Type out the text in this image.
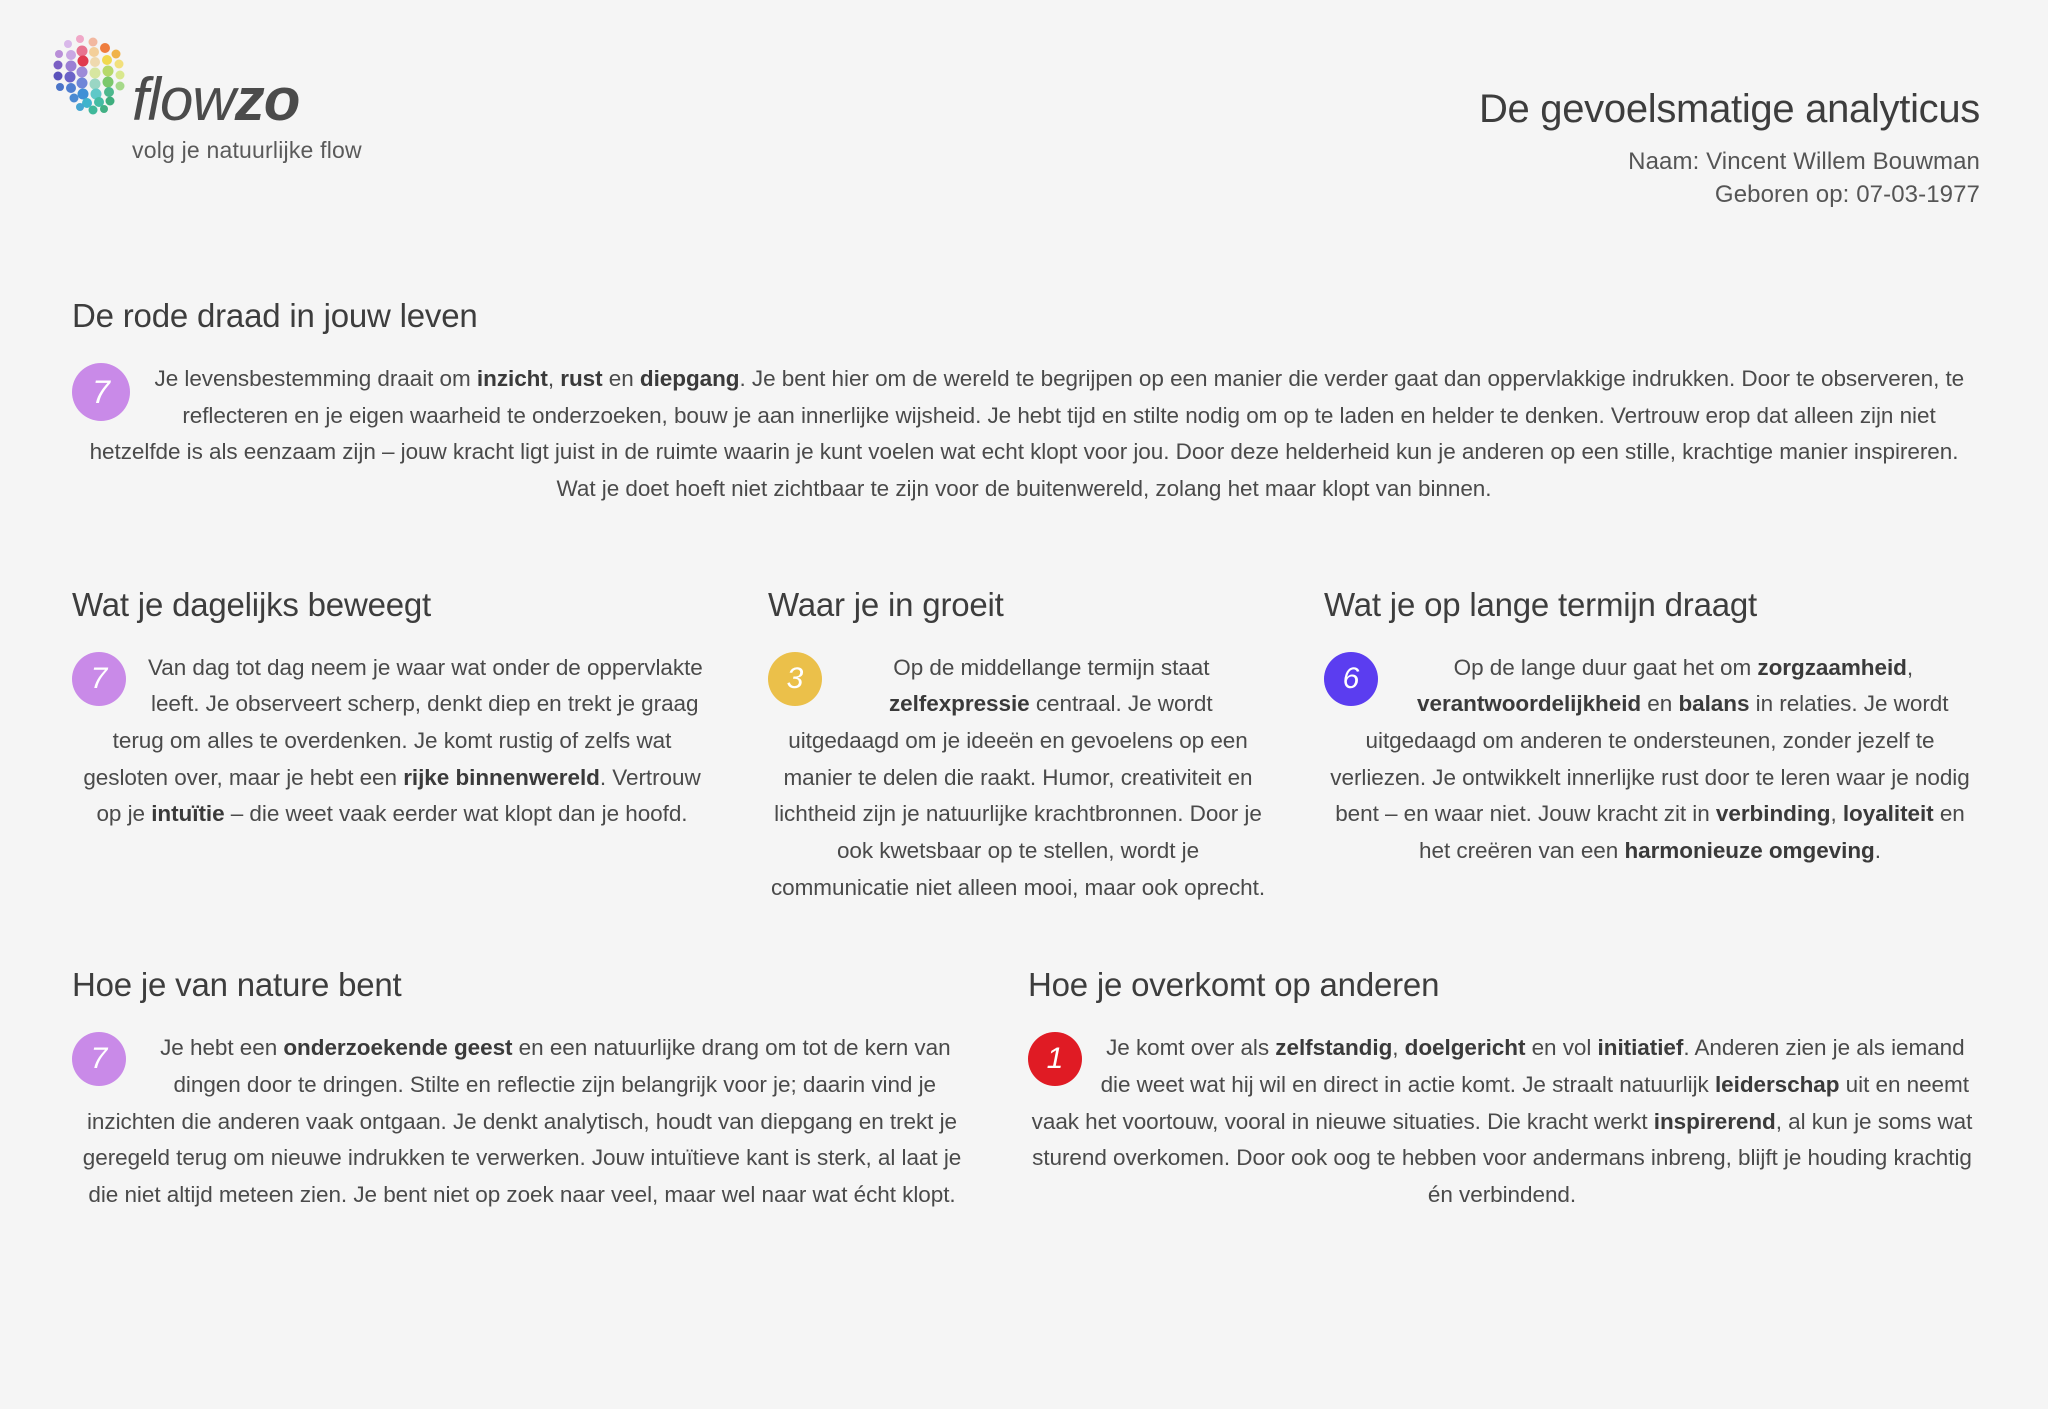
flowzo
volg je natuurlijke flow
De gevoelsmatige analyticus
Naam: Vincent Willem Bouwman
Geboren op: 07-03-1977
De rode draad in jouw leven
7	Je levensbestemming draait om inzicht, rust en diepgang. Je bent hier om de wereld te begrijpen op een manier die verder gaat dan oppervlakkige indrukken. Door te observeren, te reflecteren en je eigen waarheid te onderzoeken, bouw je aan innerlijke wijsheid. Je hebt tijd en stilte nodig om op te laden en helder te denken. Vertrouw erop dat alleen zijn niet hetzelfde is als eenzaam zijn – jouw kracht ligt juist in de ruimte waarin je kunt voelen wat echt klopt voor jou. Door deze helderheid kun je anderen op een stille, krachtige manier inspireren. Wat je doet hoeft niet zichtbaar te zijn voor de buitenwereld, zolang het maar klopt van binnen.
Wat je dagelijks beweegt
7	Van dag tot dag neem je waar wat onder de oppervlakte leeft. Je observeert scherp, denkt diep en trekt je graag terug om alles te overdenken. Je komt rustig of zelfs wat gesloten over, maar je hebt een rijke binnenwereld. Vertrouw op je intuïtie – die weet vaak eerder wat klopt dan je hoofd.
Waar je in groeit
3	Op de middellange termijn staat zelfexpressie centraal. Je wordt uitgedaagd om je ideeën en gevoelens op een manier te delen die raakt. Humor, creativiteit en lichtheid zijn je natuurlijke krachtbronnen. Door je ook kwetsbaar op te stellen, wordt je communicatie niet alleen mooi, maar ook oprecht.
Wat je op lange termijn draagt
6	Op de lange duur gaat het om zorgzaamheid, verantwoordelijkheid en balans in relaties. Je wordt uitgedaagd om anderen te ondersteunen, zonder jezelf te verliezen. Je ontwikkelt innerlijke rust door te leren waar je nodig bent – en waar niet. Jouw kracht zit in verbinding, loyaliteit en het creëren van een harmonieuze omgeving.
Hoe je van nature bent
7	Je hebt een onderzoekende geest en een natuurlijke drang om tot de kern van dingen door te dringen. Stilte en reflectie zijn belangrijk voor je; daarin vind je inzichten die anderen vaak ontgaan. Je denkt analytisch, houdt van diepgang en trekt je geregeld terug om nieuwe indrukken te verwerken. Jouw intuïtieve kant is sterk, al laat je die niet altijd meteen zien. Je bent niet op zoek naar veel, maar wel naar wat écht klopt.
Hoe je overkomt op anderen
1	Je komt over als zelfstandig, doelgericht en vol initiatief. Anderen zien je als iemand die weet wat hij wil en direct in actie komt. Je straalt natuurlijk leiderschap uit en neemt vaak het voortouw, vooral in nieuwe situaties. Die kracht werkt inspirerend, al kun je soms wat sturend overkomen. Door ook oog te hebben voor andermans inbreng, blijft je houding krachtig én verbindend.
